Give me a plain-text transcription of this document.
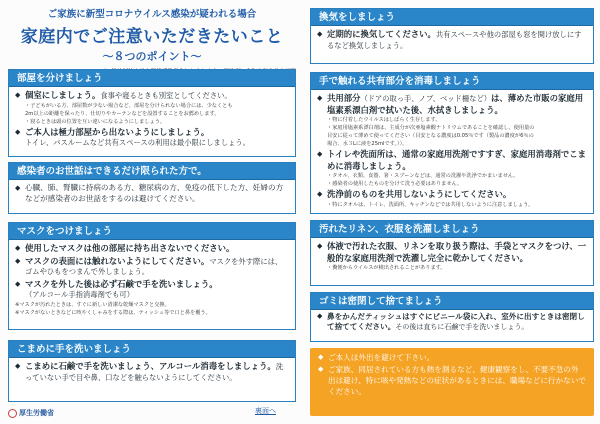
ご家族に新型コロナウイルス感染が疑われる場合
家庭内でご注意いただきたいこと
〜８つのポイント〜
部屋を分けましょう
◆ 個室にしましょう。食事や寝るときも別室としてください。
・子どもがいる方、部屋数が少ない場合など、部屋を分けられない場合には、少なくとも
2m以上の距離を保ったり、仕切りやカーテンなどを設置することをお薦めします。
・寝るときは頭の位置を互い違いになるようにしましょう。
◆ ご本人は極力部屋から出ないようにしましょう。
トイレ、バスルームなど共有スペースの利用は最小限にしましょう。
感染者のお世話はできるだけ限られた方で。
◆ 心臓、肺、腎臓に持病のある方、糖尿病の方、免疫の低下した方、妊婦の方などが感染者のお世話をするのは避けてください。
マスクをつけましょう
◆ 使用したマスクは他の部屋に持ち出さないでください。
◆ マスクの表面には触れないようにしてください。マスクを外す際には、ゴムやひもをつまんで外しましょう。
◆ マスクを外した後は必ず石鹸で手を洗いましょう。
（アルコール手指消毒剤でも可）
※マスクが汚れたときは、すぐに新しい清潔な乾燥マスクと交換。
※マスクがないときなどに咳やくしゃみをする際は、ティッシュ等で口と鼻を覆う。
こまめに手を洗いましょう
◆ こまめに石鹸で手を洗いましょう、アルコール消毒をしましょう。洗っていない手で目や鼻、口などを触らないようにしてください。
換気をしましょう
◆ 定期的に換気してください。共有スペースや他の部屋も窓を開け放しにするなど換気しましょう。
手で触れる共有部分を消毒しましょう
◆ 共用部分（ドアの取っ手、ノブ、ベッド柵など）は、薄めた市販の家庭用塩素系漂白剤で拭いた後、水拭きしましょう。
・物に付着したウイルスはしばらく生存します。
・家庭用塩素系漂白剤は、主成分が次亜塩素酸ナトリウムであることを確認し、使用量の
目安に従って薄めて使ってください（目安となる濃度は0.05％です（製品の濃度が6％の
場合、水３Lに液を25mlです。））。
◆ トイレや洗面所は、通常の家庭用洗剤ですすぎ、家庭用消毒剤でこまめに消毒しましょう。
・タオル、衣類、食器、箸・スプーンなどは、通常の洗濯や洗浄でかまいません。
・感染者の使用したものを分けて洗う必要はありません。
◆ 洗浄前のものを共用しないようにしてください。
・特にタオルは、トイレ、洗面所、キッチンなどでは共用しないように注意しましょう。
汚れたリネン、衣服を洗濯しましょう
◆ 体液で汚れた衣服、リネンを取り扱う際は、手袋とマスクをつけ、一般的な家庭用洗剤で洗濯し完全に乾かしてください。
・糞便からウイルスが検出されることがあります。
ゴミは密閉して捨てましょう
◆ 鼻をかんだティッシュはすぐにビニール袋に入れ、室外に出すときは密閉して捨ててください。その後は直ちに石鹸で手を洗いましょう。
◆ ご本人は外出を避けて下さい。
◆ ご家族、同居されている方も熱を測るなど、健康観察をし、不要不急の外出は避け、特に咳や発熱などの症状があるときには、職場などに行かないでください。
厚生労働省	裏面へ
